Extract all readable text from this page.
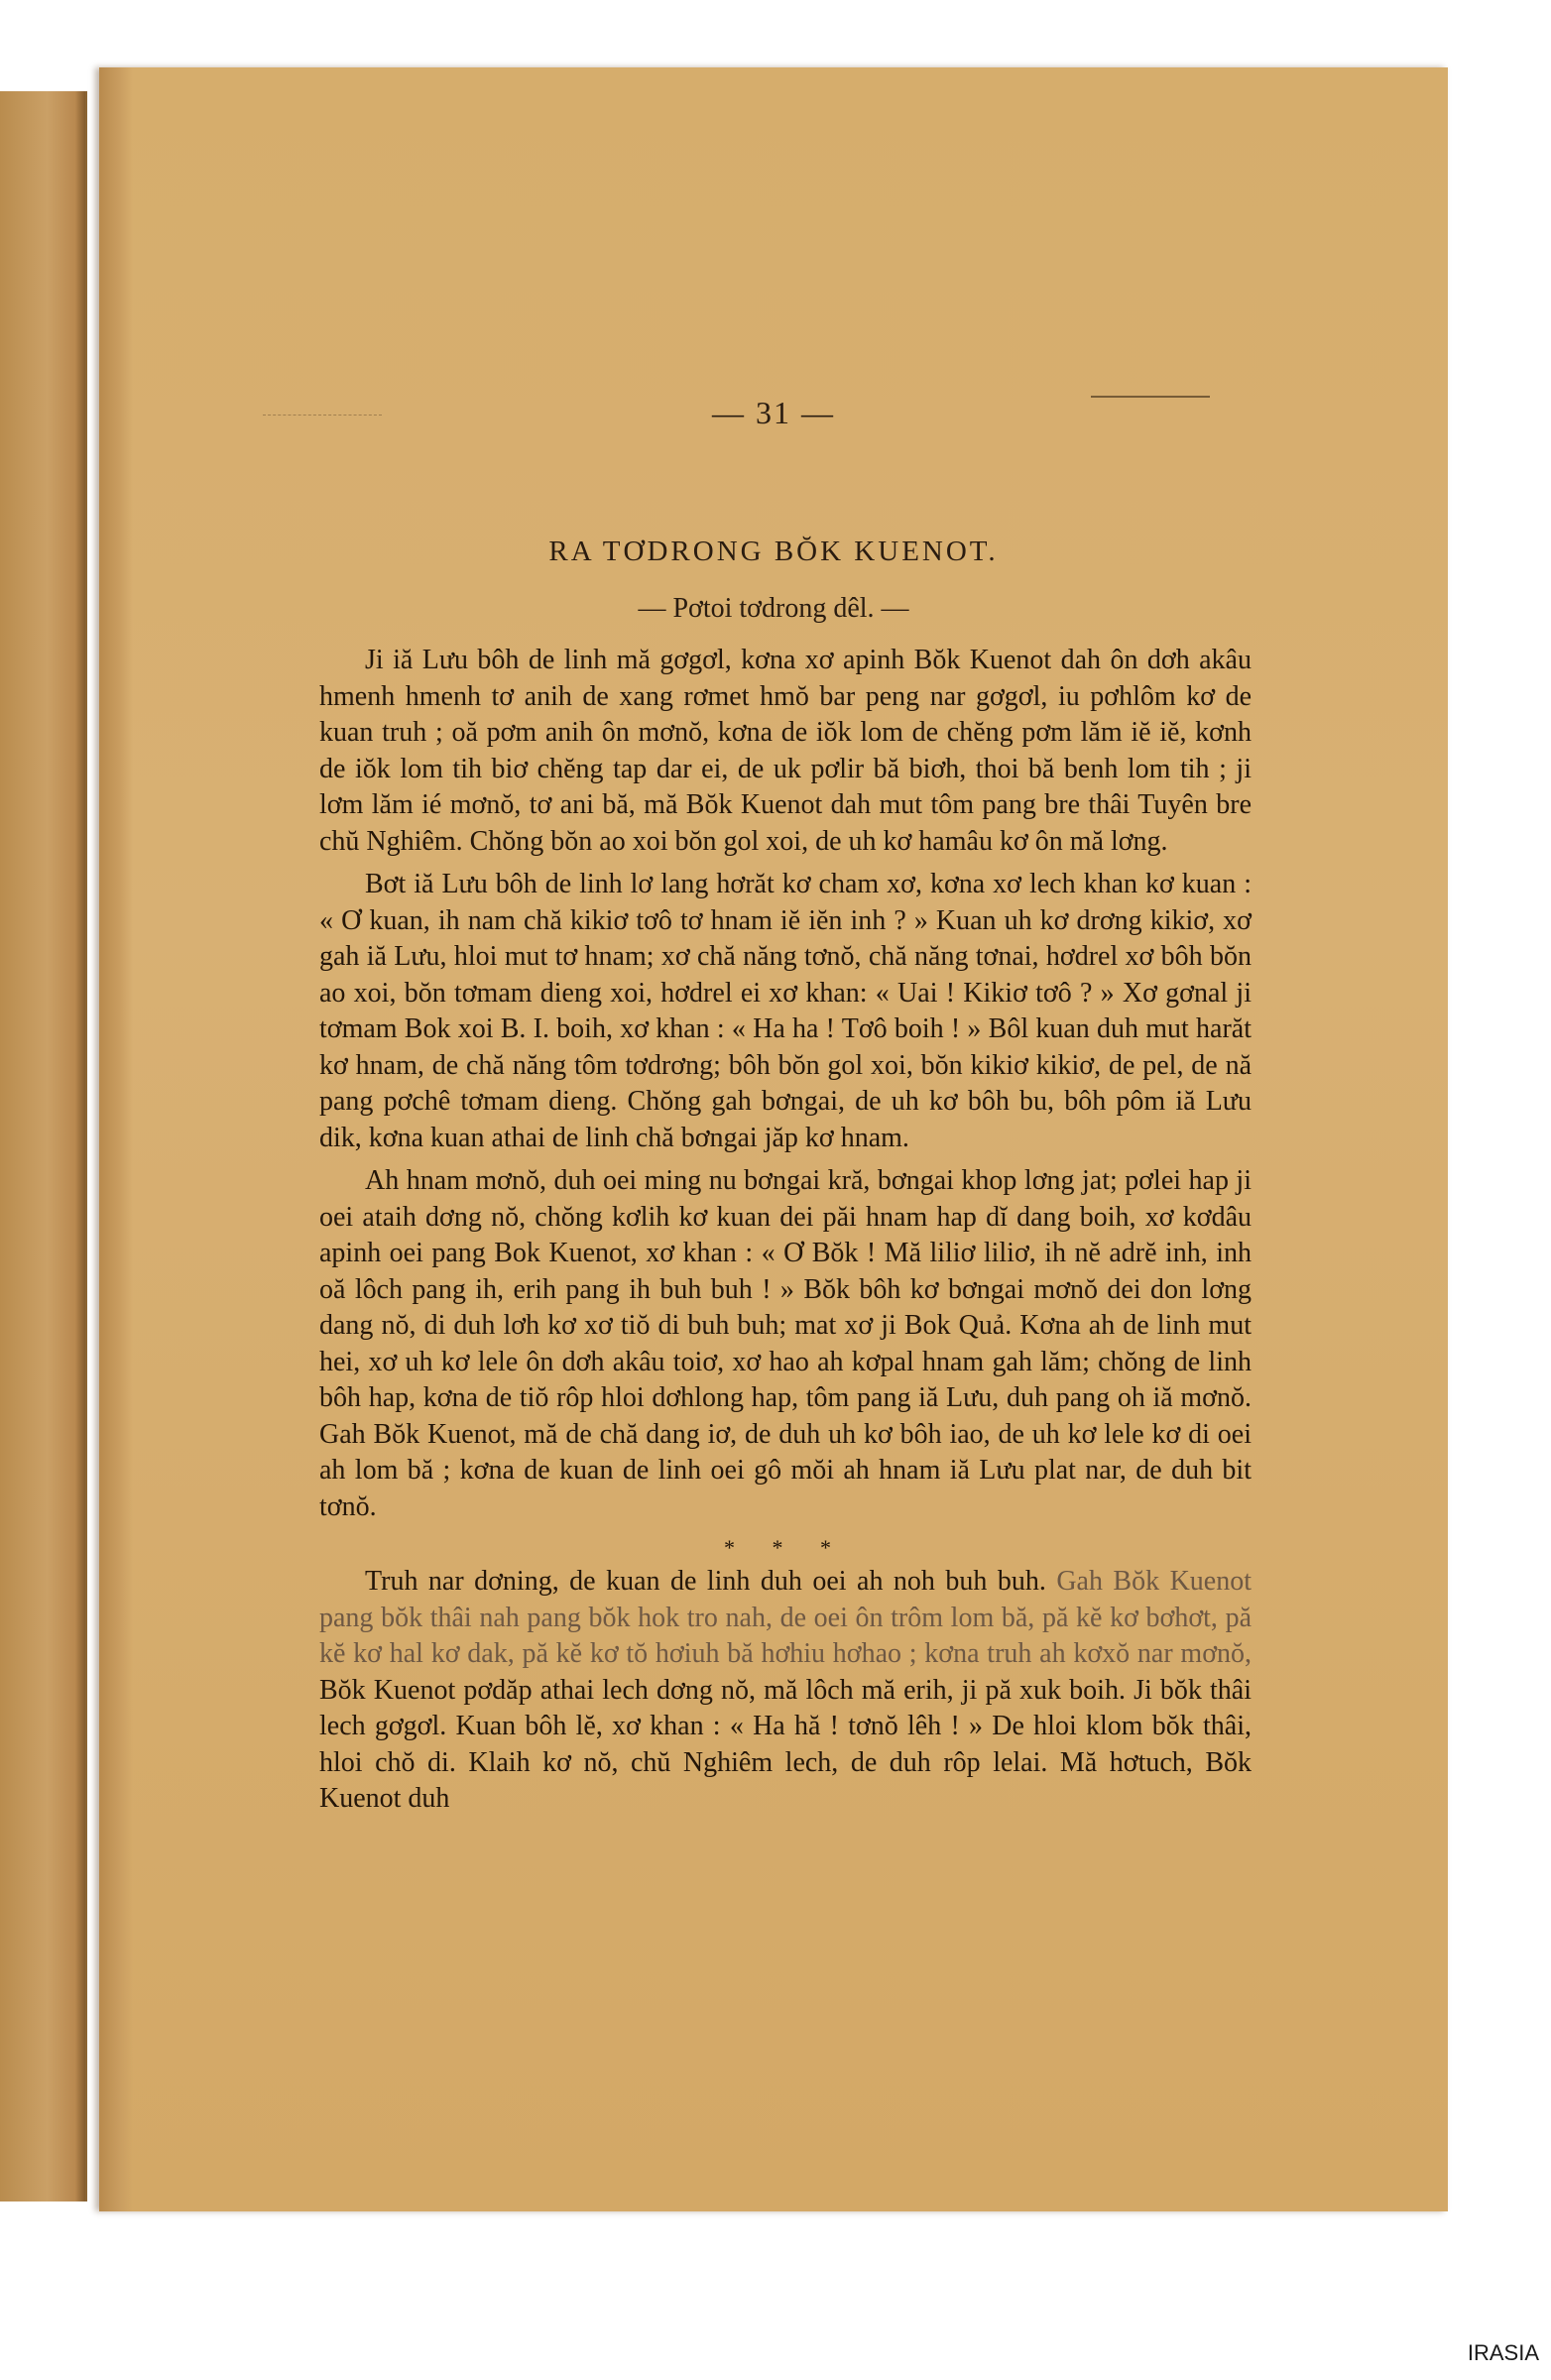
— 31 —
RA TƠDRONG BŎK KUENOT.
— Pơtoi tơdrong dêl. —

Ji iă Lưu bôh de linh mă gơgơl, kơna xơ apinh Bŏk Kuenot dah ôn dơh akâu hmenh hmenh tơ anih de xang rơmet hmŏ bar peng nar gơgơl, iu pơhlôm kơ de kuan truh ; oă pơm anih ôn mơnŏ, kơna de iŏk lom de chĕng pơm lăm iĕ iĕ, kơnh de iŏk lom tih biơ chĕng tap dar ei, de uk pơlir bă biơh, thoi bă benh lom tih ; ji lơm lăm ié mơnŏ, tơ ani bă, mă Bŏk Kuenot dah mut tôm pang bre thâi Tuyên bre chŭ Nghiêm. Chŏng bŏn ao xoi bŏn gol xoi, de uh kơ hamâu kơ ôn mă lơng.

Bơt iă Lưu bôh de linh lơ lang hơrăt kơ cham xơ, kơna xơ lech khan kơ kuan : « Ơ kuan, ih nam chă kikiơ tơô tơ hnam iĕ iĕn inh ? » Kuan uh kơ drơng kikiơ, xơ gah iă Lưu, hloi mut tơ hnam; xơ chă năng tơnŏ, chă năng tơnai, hơdrel xơ bôh bŏn ao xoi, bŏn tơmam dieng xoi, hơdrel ei xơ khan: « Uai ! Kikiơ tơô ? » Xơ gơnal ji tơmam Bok xoi B. I. boih, xơ khan : « Ha ha ! Tơô boih ! » Bôl kuan duh mut harăt kơ hnam, de chă năng tôm tơdrơng; bôh bŏn gol xoi, bŏn kikiơ kikiơ, de pel, de nă pang pơchê tơmam dieng. Chŏng gah bơngai, de uh kơ bôh bu, bôh pôm iă Lưu dik, kơna kuan athai de linh chă bơngai jăp kơ hnam.

Ah hnam mơnŏ, duh oei ming nu bơngai kră, bơngai khop lơng jat; pơlei hap ji oei ataih dơng nŏ, chŏng kơlih kơ kuan dei păi hnam hap dĭ dang boih, xơ kơdâu apinh oei pang Bok Kuenot, xơ khan : « Ơ Bŏk ! Mă liliơ liliơ, ih nĕ adrĕ inh, inh oă lôch pang ih, erih pang ih buh buh ! » Bŏk bôh kơ bơngai mơnŏ dei don lơng dang nŏ, di duh lơh kơ xơ tiŏ di buh buh; mat xơ ji Bok Quả. Kơna ah de linh mut hei, xơ uh kơ lele ôn dơh akâu toiơ, xơ hao ah kơpal hnam gah lăm; chŏng de linh bôh hap, kơna de tiŏ rôp hloi dơhlong hap, tôm pang iă Lưu, duh pang oh iă mơnŏ. Gah Bŏk Kuenot, mă de chă dang iơ, de duh uh kơ bôh iao, de uh kơ lele kơ di oei ah lom bă ; kơna de kuan de linh oei gô mŏi ah hnam iă Lưu plat nar, de duh bit tơnŏ.

* * *

Truh nar dơning, de kuan de linh duh oei ah noh buh buh. Gah Bŏk Kuenot pang bŏk thâi nah pang bŏk hok tro nah, de oei ôn trôm lom bă, pă kĕ kơ bơhơt, pă kĕ kơ hal kơ dak, pă kĕ kơ tŏ hơiuh bă hơhiu hơhao ; kơna truh ah kơxŏ nar mơnŏ, Bŏk Kuenot pơdăp athai lech dơng nŏ, mă lôch mă erih, ji pă xuk boih. Ji bŏk thâi lech gơgơl. Kuan bôh lĕ, xơ khan : « Ha hă ! tơnŏ lêh ! » De hloi klom bŏk thâi, hloi chŏ di. Klaih kơ nŏ, chŭ Nghiêm lech, de duh rôp lelai. Mă hơtuch, Bŏk Kuenot duh

IRASIA
